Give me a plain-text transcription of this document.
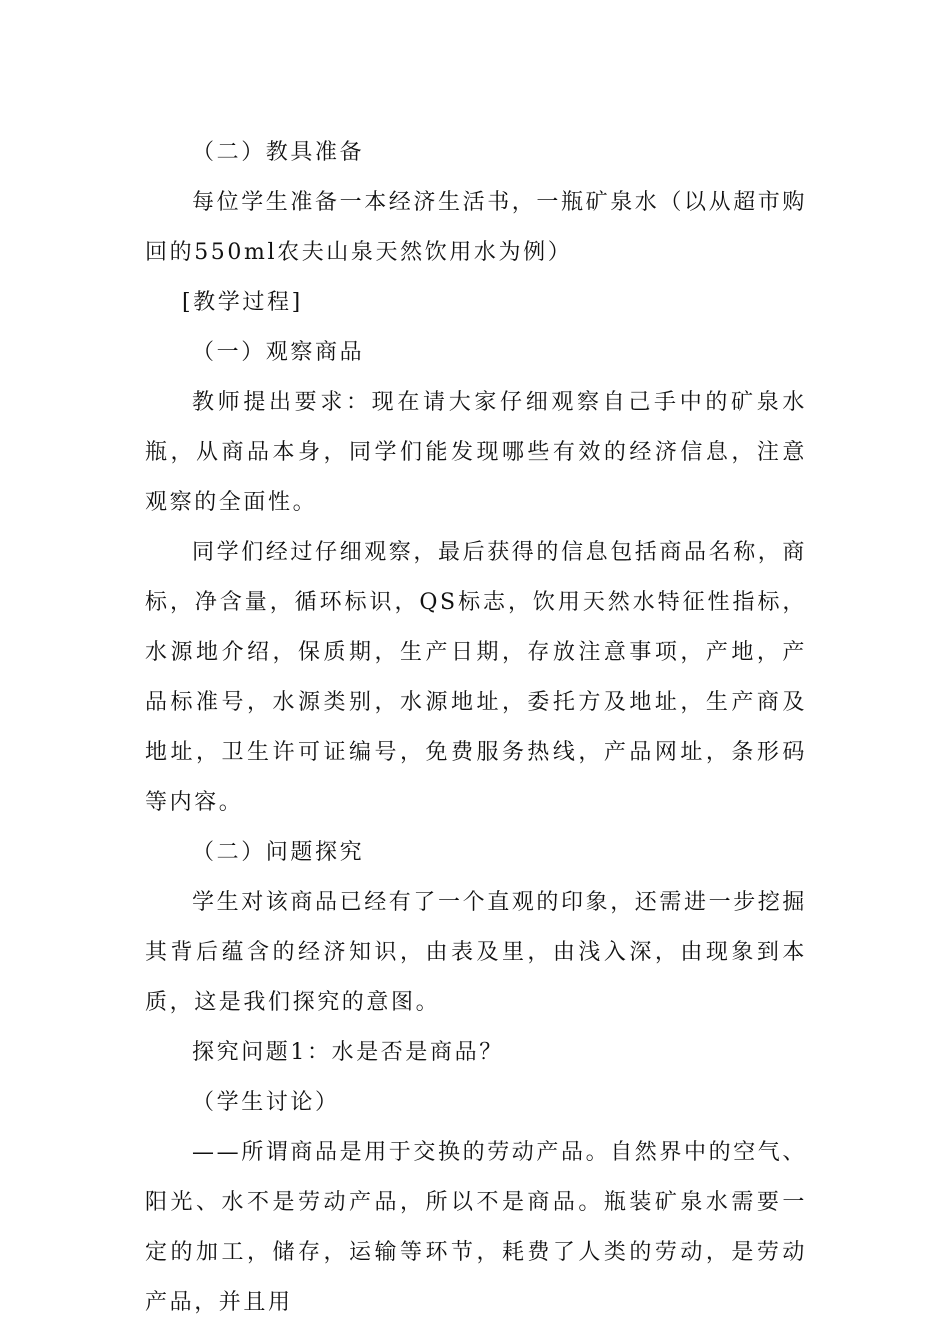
（二）教具准备

每位学生准备一本经济生活书，一瓶矿泉水（以从超市购回的550ml农夫山泉天然饮用水为例）

[教学过程]

（一）观察商品

教师提出要求：现在请大家仔细观察自己手中的矿泉水瓶，从商品本身，同学们能发现哪些有效的经济信息，注意观察的全面性。

同学们经过仔细观察，最后获得的信息包括商品名称，商标，净含量，循环标识，QS标志，饮用天然水特征性指标，水源地介绍，保质期，生产日期，存放注意事项，产地，产品标准号，水源类别，水源地址，委托方及地址，生产商及地址，卫生许可证编号，免费服务热线，产品网址，条形码等内容。

（二）问题探究

学生对该商品已经有了一个直观的印象，还需进一步挖掘其背后蕴含的经济知识，由表及里，由浅入深，由现象到本质，这是我们探究的意图。

探究问题1：水是否是商品？

（学生讨论）

——所谓商品是用于交换的劳动产品。自然界中的空气、阳光、水不是劳动产品，所以不是商品。瓶装矿泉水需要一定的加工，储存，运输等环节，耗费了人类的劳动，是劳动产品，并且用
